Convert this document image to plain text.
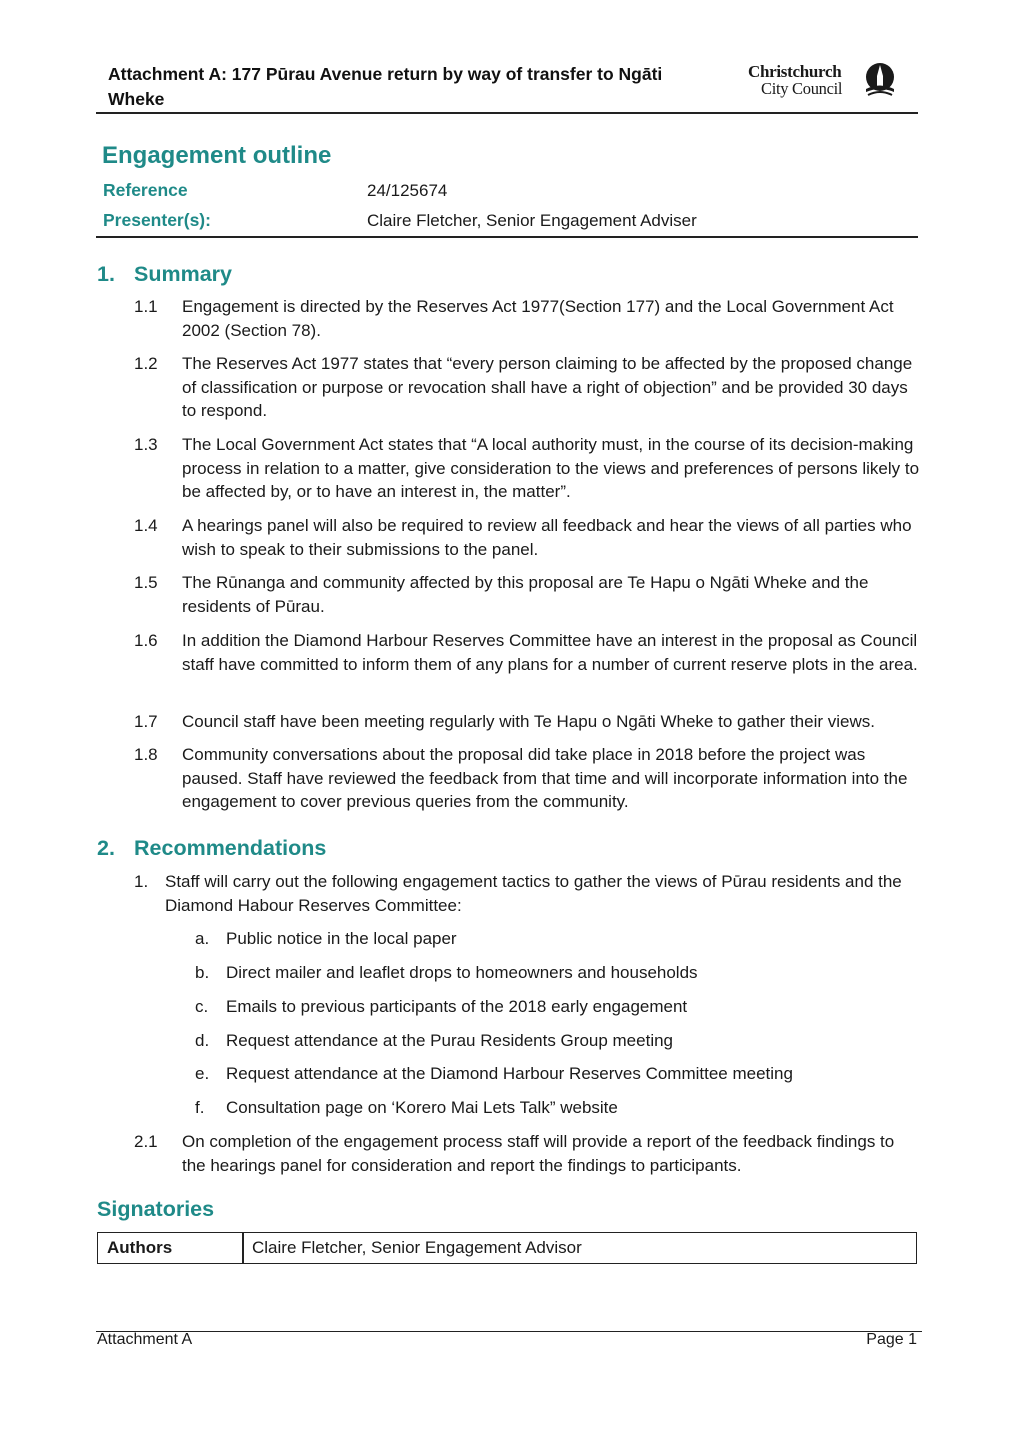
Attachment A: 177 Pūrau Avenue return by way of transfer to Ngāti
Wheke
Christchurch
City Council
Engagement outline
Reference	24/125674
Presenter(s):	Claire Fletcher, Senior Engagement Adviser
1. Summary
1.1 Engagement is directed by the Reserves Act 1977(Section 177) and the Local Government Act 2002 (Section 78).
1.2 The Reserves Act 1977 states that “every person claiming to be affected by the proposed change of classification or purpose or revocation shall have a right of objection” and be provided 30 days to respond.
1.3 The Local Government Act states that “A local authority must, in the course of its decision-making process in relation to a matter, give consideration to the views and preferences of persons likely to be affected by, or to have an interest in, the matter”.
1.4 A hearings panel will also be required to review all feedback and hear the views of all parties who wish to speak to their submissions to the panel.
1.5 The Rūnanga and community affected by this proposal are Te Hapu o Ngāti Wheke and the residents of Pūrau.
1.6 In addition the Diamond Harbour Reserves Committee have an interest in the proposal as Council staff have committed to inform them of any plans for a number of current reserve plots in the area.
1.7 Council staff have been meeting regularly with Te Hapu o Ngāti Wheke to gather their views.
1.8 Community conversations about the proposal did take place in 2018 before the project was paused. Staff have reviewed the feedback from that time and will incorporate information into the engagement to cover previous queries from the community.
2. Recommendations
1. Staff will carry out the following engagement tactics to gather the views of Pūrau residents and the Diamond Habour Reserves Committee:
a. Public notice in the local paper
b. Direct mailer and leaflet drops to homeowners and households
c. Emails to previous participants of the 2018 early engagement
d. Request attendance at the Purau Residents Group meeting
e. Request attendance at the Diamond Harbour Reserves Committee meeting
f. Consultation page on ‘Korero Mai Lets Talk” website
2.1 On completion of the engagement process staff will provide a report of the feedback findings to the hearings panel for consideration and report the findings to participants.
Signatories
Authors	Claire Fletcher, Senior Engagement Advisor
Attachment A	Page 1
